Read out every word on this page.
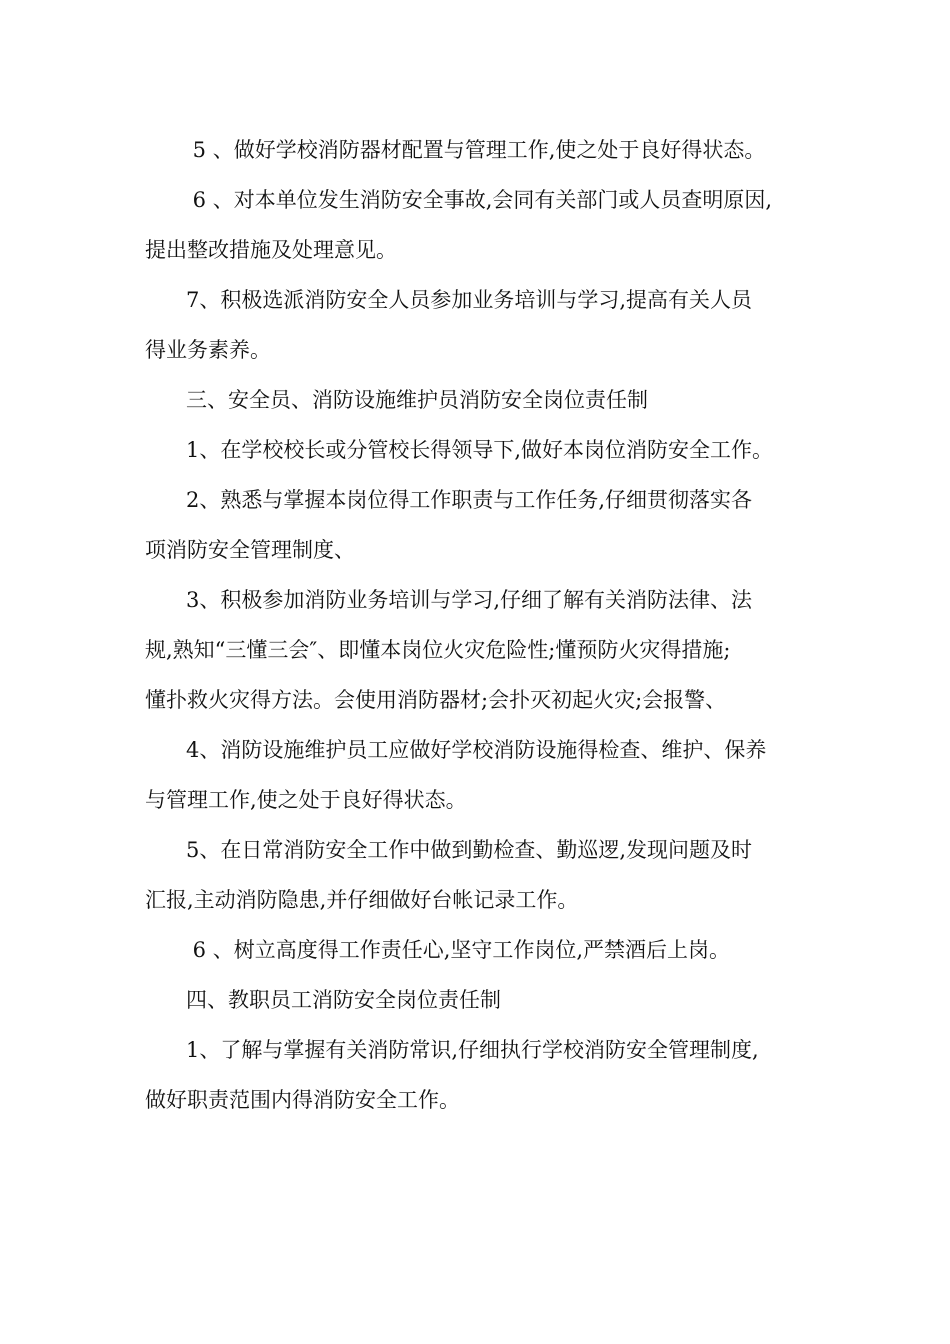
5 、做好学校消防器材配置与管理工作,使之处于良好得状态。
6 、对本单位发生消防安全事故,会同有关部门或人员查明原因,
提出整改措施及处理意见。
7、积极选派消防安全人员参加业务培训与学习,提高有关人员
得业务素养。
三、安全员、消防设施维护员消防安全岗位责任制
1、在学校校长或分管校长得领导下,做好本岗位消防安全工作。
2、熟悉与掌握本岗位得工作职责与工作任务,仔细贯彻落实各
项消防安全管理制度、
3、积极参加消防业务培训与学习,仔细了解有关消防法律、法
规,熟知“三懂三会″、即懂本岗位火灾危险性;懂预防火灾得措施;
懂扑救火灾得方法。会使用消防器材;会扑灭初起火灾;会报警、
4、消防设施维护员工应做好学校消防设施得检查、维护、保养
与管理工作,使之处于良好得状态。
5、在日常消防安全工作中做到勤检查、勤巡逻,发现问题及时
汇报,主动消防隐患,并仔细做好台帐记录工作。
6 、树立高度得工作责任心,坚守工作岗位,严禁酒后上岗。
四、教职员工消防安全岗位责任制
1、了解与掌握有关消防常识,仔细执行学校消防安全管理制度,
做好职责范围内得消防安全工作。
